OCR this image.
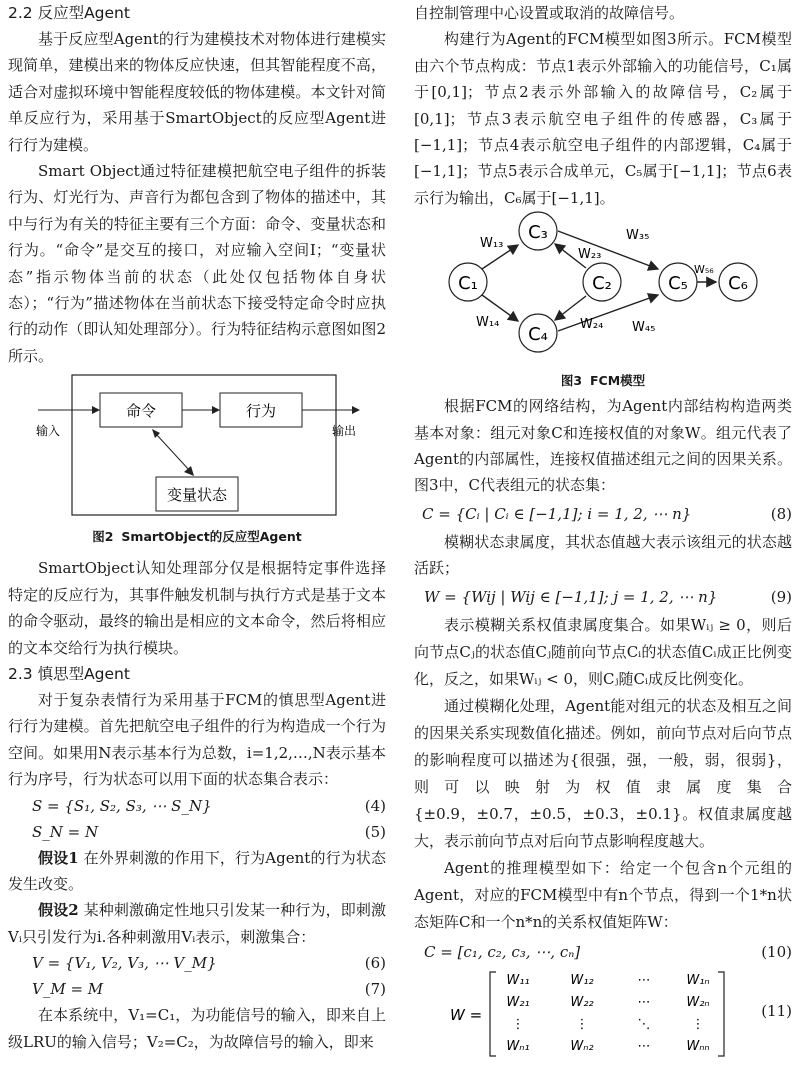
2.2 反应型Agent

基于反应型Agent的行为建模技术对物体进行建模实现简单，建模出来的物体反应快速，但其智能程度不高，适合对虚拟环境中智能程度较低的物体建模。本文针对简单反应行为，采用基于SmartObject的反应型Agent进行行为建模。

Smart Object通过特征建模把航空电子组件的拆装行为、灯光行为、声音行为都包含到了物体的描述中，其中与行为有关的特征主要有三个方面：命令、变量状态和行为。“命令”是交互的接口，对应输入空间I；“变量状态”指示物体当前的状态（此处仅包括物体自身状态）；“行为”描述物体在当前状态下接受特定命令时应执行的动作（即认知处理部分）。行为特征结构示意图如图2所示。

命令	行为
变量状态
输入	输出
图2 SmartObject的反应型Agent

SmartObject认知处理部分仅是根据特定事件选择特定的反应行为，其事件触发机制与执行方式是基于文本的命令驱动，最终的输出是相应的文本命令，然后将相应的文本交给行为执行模块。

2.3 慎思型Agent

对于复杂表情行为采用基于FCM的慎思型Agent进行行为建模。首先把航空电子组件的行为构造成一个行为空间。如果用N表示基本行为总数，i=1,2,…,N表示基本行为序号，行为状态可以用下面的状态集合表示：

S = {S₁, S₂, S₃, ⋯ S_N}	(4)
S_N = N	(5)

假设1 在外界刺激的作用下，行为Agent的行为状态发生改变。

假设2 某种刺激确定性地只引发某一种行为，即刺激Vᵢ只引发行为i.各种刺激用Vᵢ表示，刺激集合：

V = {V₁, V₂, V₃, ⋯ V_M}	(6)
V_M = M	(7)

在本系统中，V₁=C₁，为功能信号的输入，即来自上级LRU的输入信号；V₂=C₂，为故障信号的输入，即来

自控制管理中心设置或取消的故障信号。

构建行为Agent的FCM模型如图3所示。FCM模型由六个节点构成：节点1表示外部输入的功能信号，C₁属于[0,1]；节点2表示外部输入的故障信号，C₂属于[0,1]；节点3表示航空电子组件的传感器，C₃属于[−1,1]；节点4表示航空电子组件的内部逻辑，C₄属于[−1,1]；节点5表示合成单元，C₅属于[−1,1]；节点6表示行为输出，C₆属于[−1,1]。

C₁
C₃
C₄
C₂	C₅ C₆
W₁₃
W₁₄
W₂₃
W₂₄
W₃₅
W₄₅
W₅₆
图3 FCM模型

根据FCM的网络结构，为Agent内部结构构造两类基本对象：组元对象C和连接权值的对象W。组元代表了Agent的内部属性，连接权值描述组元之间的因果关系。图3中，C代表组元的状态集：

C = {Cᵢ | Cᵢ ∈ [−1,1]; i = 1, 2, ⋯ n}	(8)

模糊状态隶属度，其状态值越大表示该组元的状态越活跃；

W = {Wij | Wij ∈ [−1,1]; j = 1, 2, ⋯ n}	(9)

表示模糊关系权值隶属度集合。如果Wᵢⱼ ≥ 0，则后向节点Cⱼ的状态值Cⱼ随前向节点Cᵢ的状态值Cᵢ成正比例变化，反之，如果Wᵢⱼ < 0，则Cⱼ随Cᵢ成反比例变化。

通过模糊化处理，Agent能对组元的状态及相互之间的因果关系实现数值化描述。例如，前向节点对后向节点的影响程度可以描述为{很强，强，一般，弱，很弱}，则可以映射为权值隶属度集合{±0.9，±0.7，±0.5，±0.3，±0.1}。权值隶属度越大，表示前向节点对后向节点影响程度越大。

Agent的推理模型如下：给定一个包含n个元组的Agent，对应的FCM模型中有n个节点，得到一个1*n状态矩阵C和一个n*n的关系权值矩阵W：

C = [c₁, c₂, c₃, ⋯, cₙ]	(10)
W =
W₁₁	W₁₂	⋯	W₁ₙ
W₂₁	W₂₂	⋯	W₂ₙ
⋮	⋮	⋱	⋮
Wₙ₁	Wₙ₂	⋯	Wₙₙ
(11)
